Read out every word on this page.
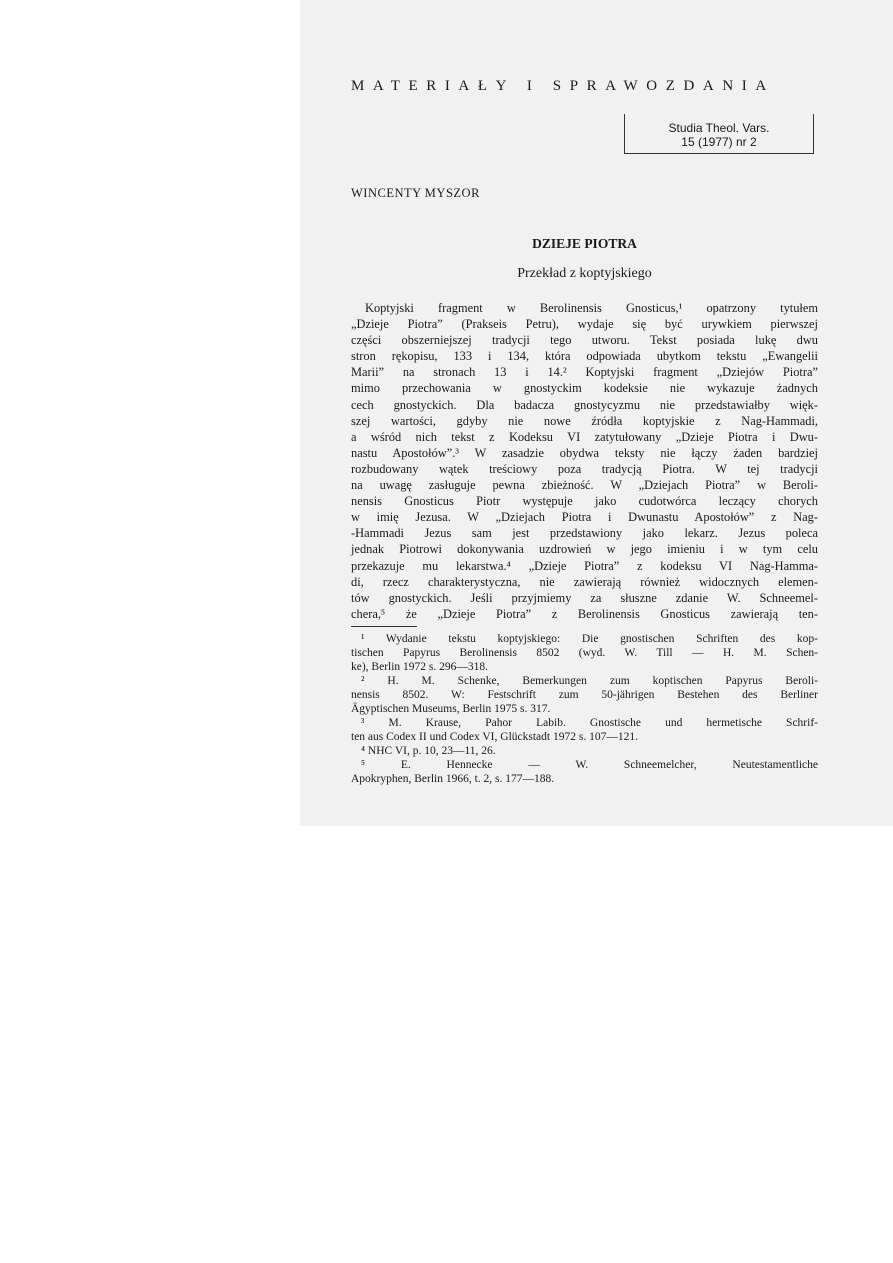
MATERIAŁY I SPRAWOZDANIA
Studia Theol. Vars.
15 (1977) nr 2
WINCENTY MYSZOR
DZIEJE PIOTRA
Przekład z koptyjskiego
Koptyjski fragment w Berolinensis Gnosticus,¹ opatrzony tytułem
„Dzieje Piotra” (Prakseis Petru), wydaje się być urywkiem pierwszej
części obszerniejszej tradycji tego utworu. Tekst posiada lukę dwu
stron rękopisu, 133 i 134, która odpowiada ubytkom tekstu „Ewangelii
Marii” na stronach 13 i 14.² Koptyjski fragment „Dziejów Piotra”
mimo przechowania w gnostyckim kodeksie nie wykazuje żadnych
cech gnostyckich. Dla badacza gnostycyzmu nie przedstawiałby więk-
szej wartości, gdyby nie nowe źródła koptyjskie z Nag-Hammadi,
a wśród nich tekst z Kodeksu VI zatytułowany „Dzieje Piotra i Dwu-
nastu Apostołów”.³ W zasadzie obydwa teksty nie łączy żaden bardziej
rozbudowany wątek treściowy poza tradycją Piotra. W tej tradycji
na uwagę zasługuje pewna zbieżność. W „Dziejach Piotra” w Beroli-
nensis Gnosticus Piotr występuje jako cudotwórca leczący chorych
w imię Jezusa. W „Dziejach Piotra i Dwunastu Apostołów” z Nag-
-Hammadi Jezus sam jest przedstawiony jako lekarz. Jezus poleca
jednak Piotrowi dokonywania uzdrowień w jego imieniu i w tym celu
przekazuje mu lekarstwa.⁴ „Dzieje Piotra” z kodeksu VI Nag-Hamma-
di, rzecz charakterystyczna, nie zawierają również widocznych elemen-
tów gnostyckich. Jeśli przyjmiemy za słuszne zdanie W. Schneemel-
chera,⁵ że „Dzieje Piotra” z Berolinensis Gnosticus zawierają ten-
¹ Wydanie tekstu koptyjskiego: Die gnostischen Schriften des kop-
tischen Papyrus Berolinensis 8502 (wyd. W. Till — H. M. Schen-
ke), Berlin 1972 s. 296—318.
² H. M. Schenke, Bemerkungen zum koptischen Papyrus Beroli-
nensis 8502. W: Festschrift zum 50-jährigen Bestehen des Berliner
Ägyptischen Museums, Berlin 1975 s. 317.
³ M. Krause, Pahor Labib. Gnostische und hermetische Schrif-
ten aus Codex II und Codex VI, Glückstadt 1972 s. 107—121.
⁴ NHC VI, p. 10, 23—11, 26.
⁵ E. Hennecke — W. Schneemelcher, Neutestamentliche
Apokryphen, Berlin 1966, t. 2, s. 177—188.
